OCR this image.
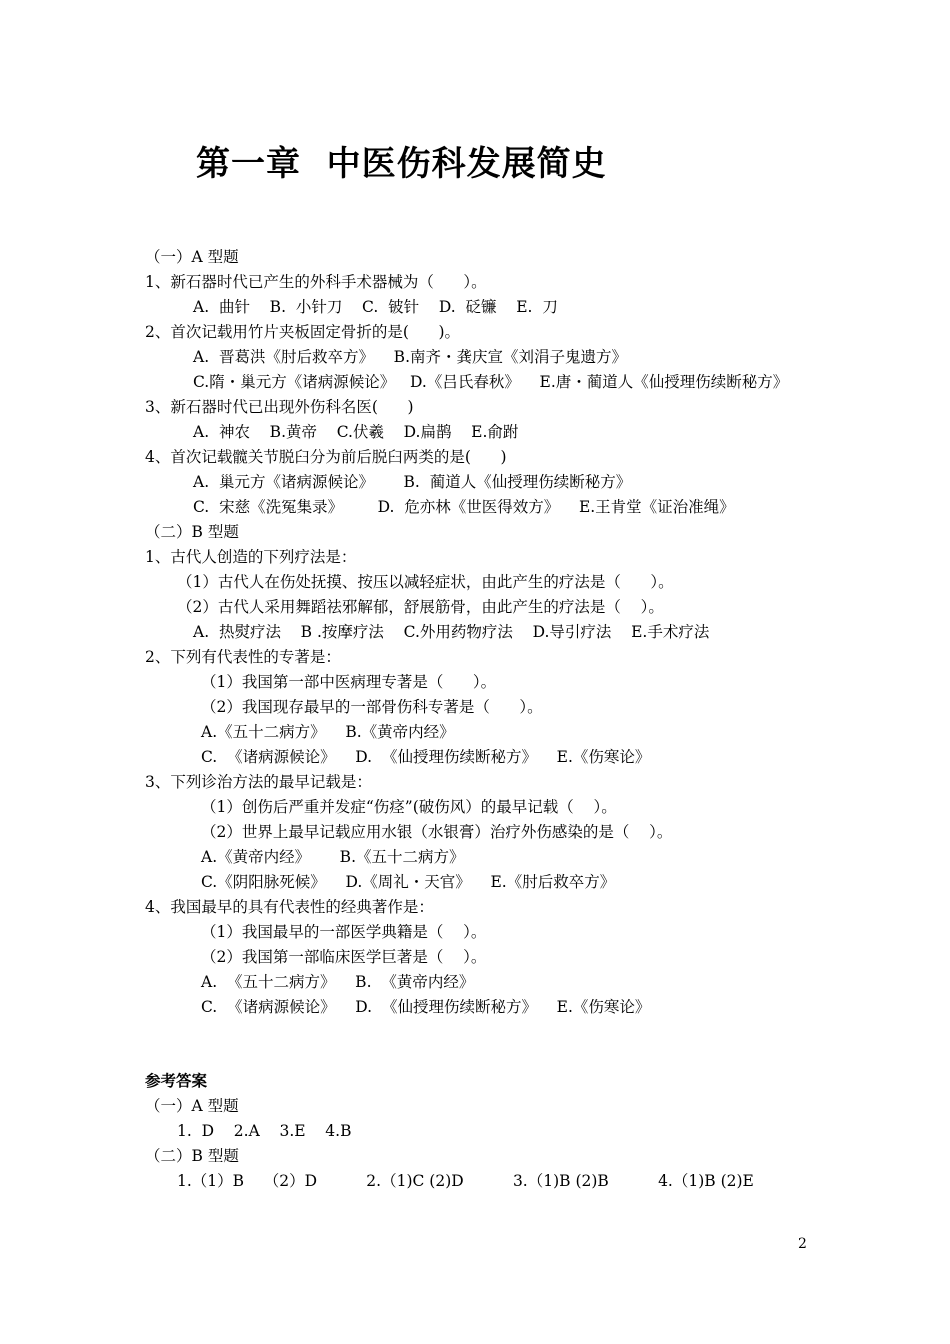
第一章  中医伤科发展简史
（一）A 型题
1、新石器时代已产生的外科手术器械为（      ）。
A.  曲针    B.  小针刀    C.  铍针    D.  砭镰    E.  刀
2、首次记载用竹片夹板固定骨折的是(      )。
A.  晋葛洪《肘后救卒方》    B.南齐・龚庆宣《刘涓子鬼遗方》
C.隋・巢元方《诸病源候论》   D.《吕氏春秋》    E.唐・蔺道人《仙授理伤续断秘方》
3、新石器时代已出现外伤科名医(      )
A.  神农    B.黄帝    C.伏羲    D.扁鹊    E.俞跗
4、首次记载髋关节脱臼分为前后脱臼两类的是(      )
A.  巢元方《诸病源候论》      B.  蔺道人《仙授理伤续断秘方》
C.  宋慈《洗冤集录》       D.  危亦林《世医得效方》    E.王肯堂《证治准绳》
（二）B 型题
1、古代人创造的下列疗法是：
（1）古代人在伤处抚摸、按压以减轻症状，由此产生的疗法是（      ）。
（2）古代人采用舞蹈祛邪解郁，舒展筋骨，由此产生的疗法是（    ）。
A.  热熨疗法    B .按摩疗法    C.外用药物疗法    D.导引疗法    E.手术疗法
2、下列有代表性的专著是：
（1）我国第一部中医病理专著是（      ）。
（2）我国现存最早的一部骨伤科专著是（      ）。
A.《五十二病方》    B.《黄帝内经》
C.  《诸病源候论》    D.  《仙授理伤续断秘方》    E.《伤寒论》
3、下列诊治方法的最早记载是：
（1）创伤后严重并发症“伤痉”(破伤风）的最早记载（    ）。
（2）世界上最早记载应用水银（水银膏）治疗外伤感染的是（    ）。
A.《黄帝内经》      B.《五十二病方》
C.《阴阳脉死候》    D.《周礼・天官》    E.《肘后救卒方》
4、我国最早的具有代表性的经典著作是：
（1）我国最早的一部医学典籍是（    ）。
（2）我国第一部临床医学巨著是（    ）。
A.  《五十二病方》    B.  《黄帝内经》
C.  《诸病源候论》    D.  《仙授理伤续断秘方》    E.《伤寒论》
参考答案
（一）A 型题
1.  D    2.A    3.E    4.B
（二）B 型题
1.（1）B    （2）D          2.（1)C (2)D          3.（1)B (2)B          4.（1)B (2)E
2
